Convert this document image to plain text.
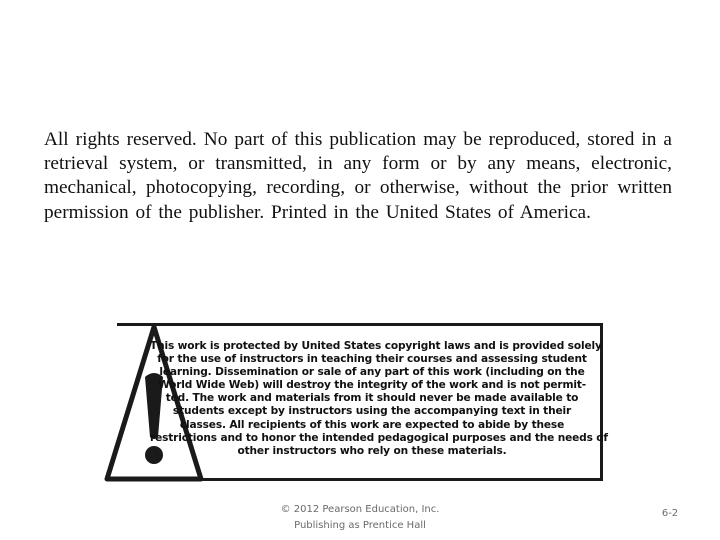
All rights reserved. No part of this publication may be reproduced, stored in a retrieval system, or transmitted, in any form or by any means, electronic, mechanical, photocopying, recording, or otherwise, without the prior written permission of the publisher. Printed in the United States of America.

This work is protected by United States copyright laws and is provided solely
for the use of instructors in teaching their courses and assessing student
learning. Dissemination or sale of any part of this work (including on the
World Wide Web) will destroy the integrity of the work and is not permit-
ted. The work and materials from it should never be made available to
students except by instructors using the accompanying text in their
classes. All recipients of this work are expected to abide by these
restrictions and to honor the intended pedagogical purposes and the needs of
other instructors who rely on these materials.
© 2012 Pearson Education, Inc.
Publishing as Prentice Hall
6-2
